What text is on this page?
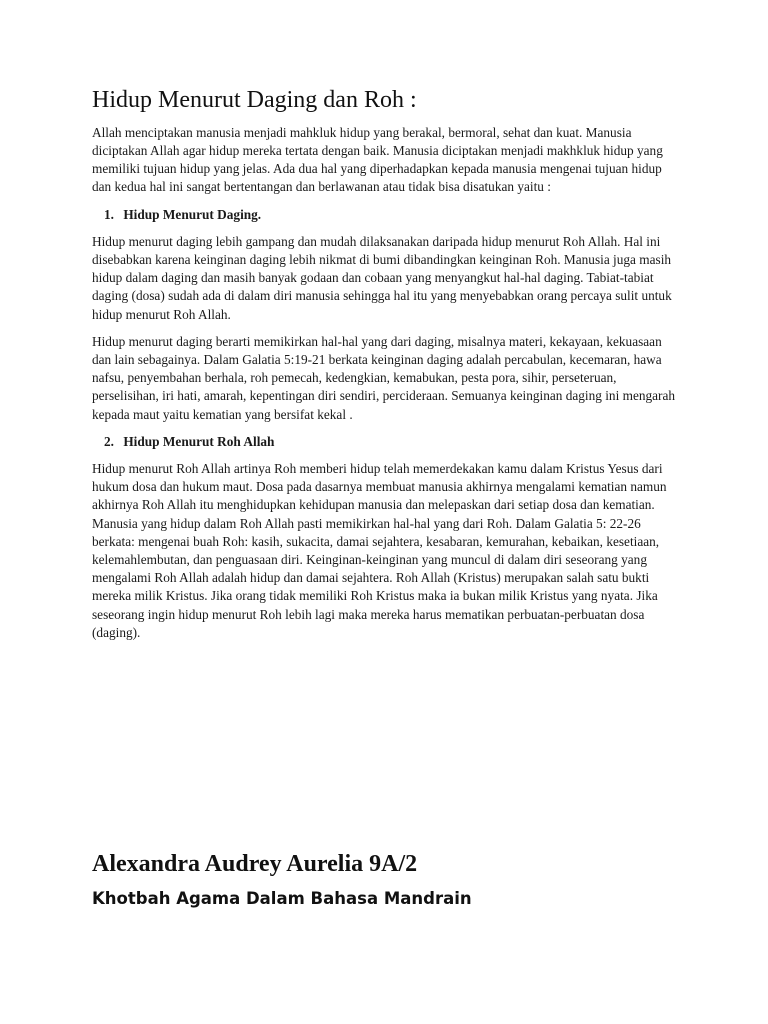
Hidup Menurut Daging dan Roh :

Allah menciptakan manusia menjadi mahkluk hidup yang berakal, bermoral, sehat dan kuat. Manusia diciptakan Allah agar hidup mereka tertata dengan baik. Manusia diciptakan menjadi makhkluk hidup yang memiliki tujuan hidup yang jelas. Ada dua hal yang diperhadapkan kepada manusia mengenai tujuan hidup dan kedua hal ini sangat bertentangan dan berlawanan atau tidak bisa disatukan yaitu :

1. Hidup Menurut Daging.

Hidup menurut daging lebih gampang dan mudah dilaksanakan daripada hidup menurut Roh Allah. Hal ini disebabkan karena keinginan daging lebih nikmat di bumi dibandingkan keinginan Roh. Manusia juga masih hidup dalam daging dan masih banyak godaan dan cobaan yang menyangkut hal-hal daging. Tabiat-tabiat daging (dosa) sudah ada di dalam diri manusia sehingga hal itu yang menyebabkan orang percaya sulit untuk hidup menurut Roh Allah.

Hidup menurut daging berarti memikirkan hal-hal yang dari daging, misalnya materi, kekayaan, kekuasaan dan lain sebagainya. Dalam Galatia 5:19-21 berkata keinginan daging adalah percabulan, kecemaran, hawa nafsu, penyembahan berhala, roh pemecah, kedengkian, kemabukan, pesta pora, sihir, perseteruan, perselisihan, iri hati, amarah, kepentingan diri sendiri, percideraan. Semuanya keinginan daging ini mengarah kepada maut yaitu kematian yang bersifat kekal .

2. Hidup Menurut Roh Allah

Hidup menurut Roh Allah artinya Roh memberi hidup telah memerdekakan kamu dalam Kristus Yesus dari hukum dosa dan hukum maut. Dosa pada dasarnya membuat manusia akhirnya mengalami kematian namun akhirnya Roh Allah itu menghidupkan kehidupan manusia dan melepaskan dari setiap dosa dan kematian. Manusia yang hidup dalam Roh Allah pasti memikirkan hal-hal yang dari Roh. Dalam Galatia 5: 22-26 berkata: mengenai buah Roh: kasih, sukacita, damai sejahtera, kesabaran, kemurahan, kebaikan, kesetiaan, kelemahlembutan, dan penguasaan diri. Keinginan-keinginan yang muncul di dalam diri seseorang yang mengalami Roh Allah adalah hidup dan damai sejahtera. Roh Allah (Kristus) merupakan salah satu bukti mereka milik Kristus. Jika orang tidak memiliki Roh Kristus maka ia bukan milik Kristus yang nyata. Jika seseorang ingin hidup menurut Roh lebih lagi maka mereka harus mematikan perbuatan-perbuatan dosa (daging).

Alexandra Audrey Aurelia 9A/2
Khotbah Agama Dalam Bahasa Mandrain
